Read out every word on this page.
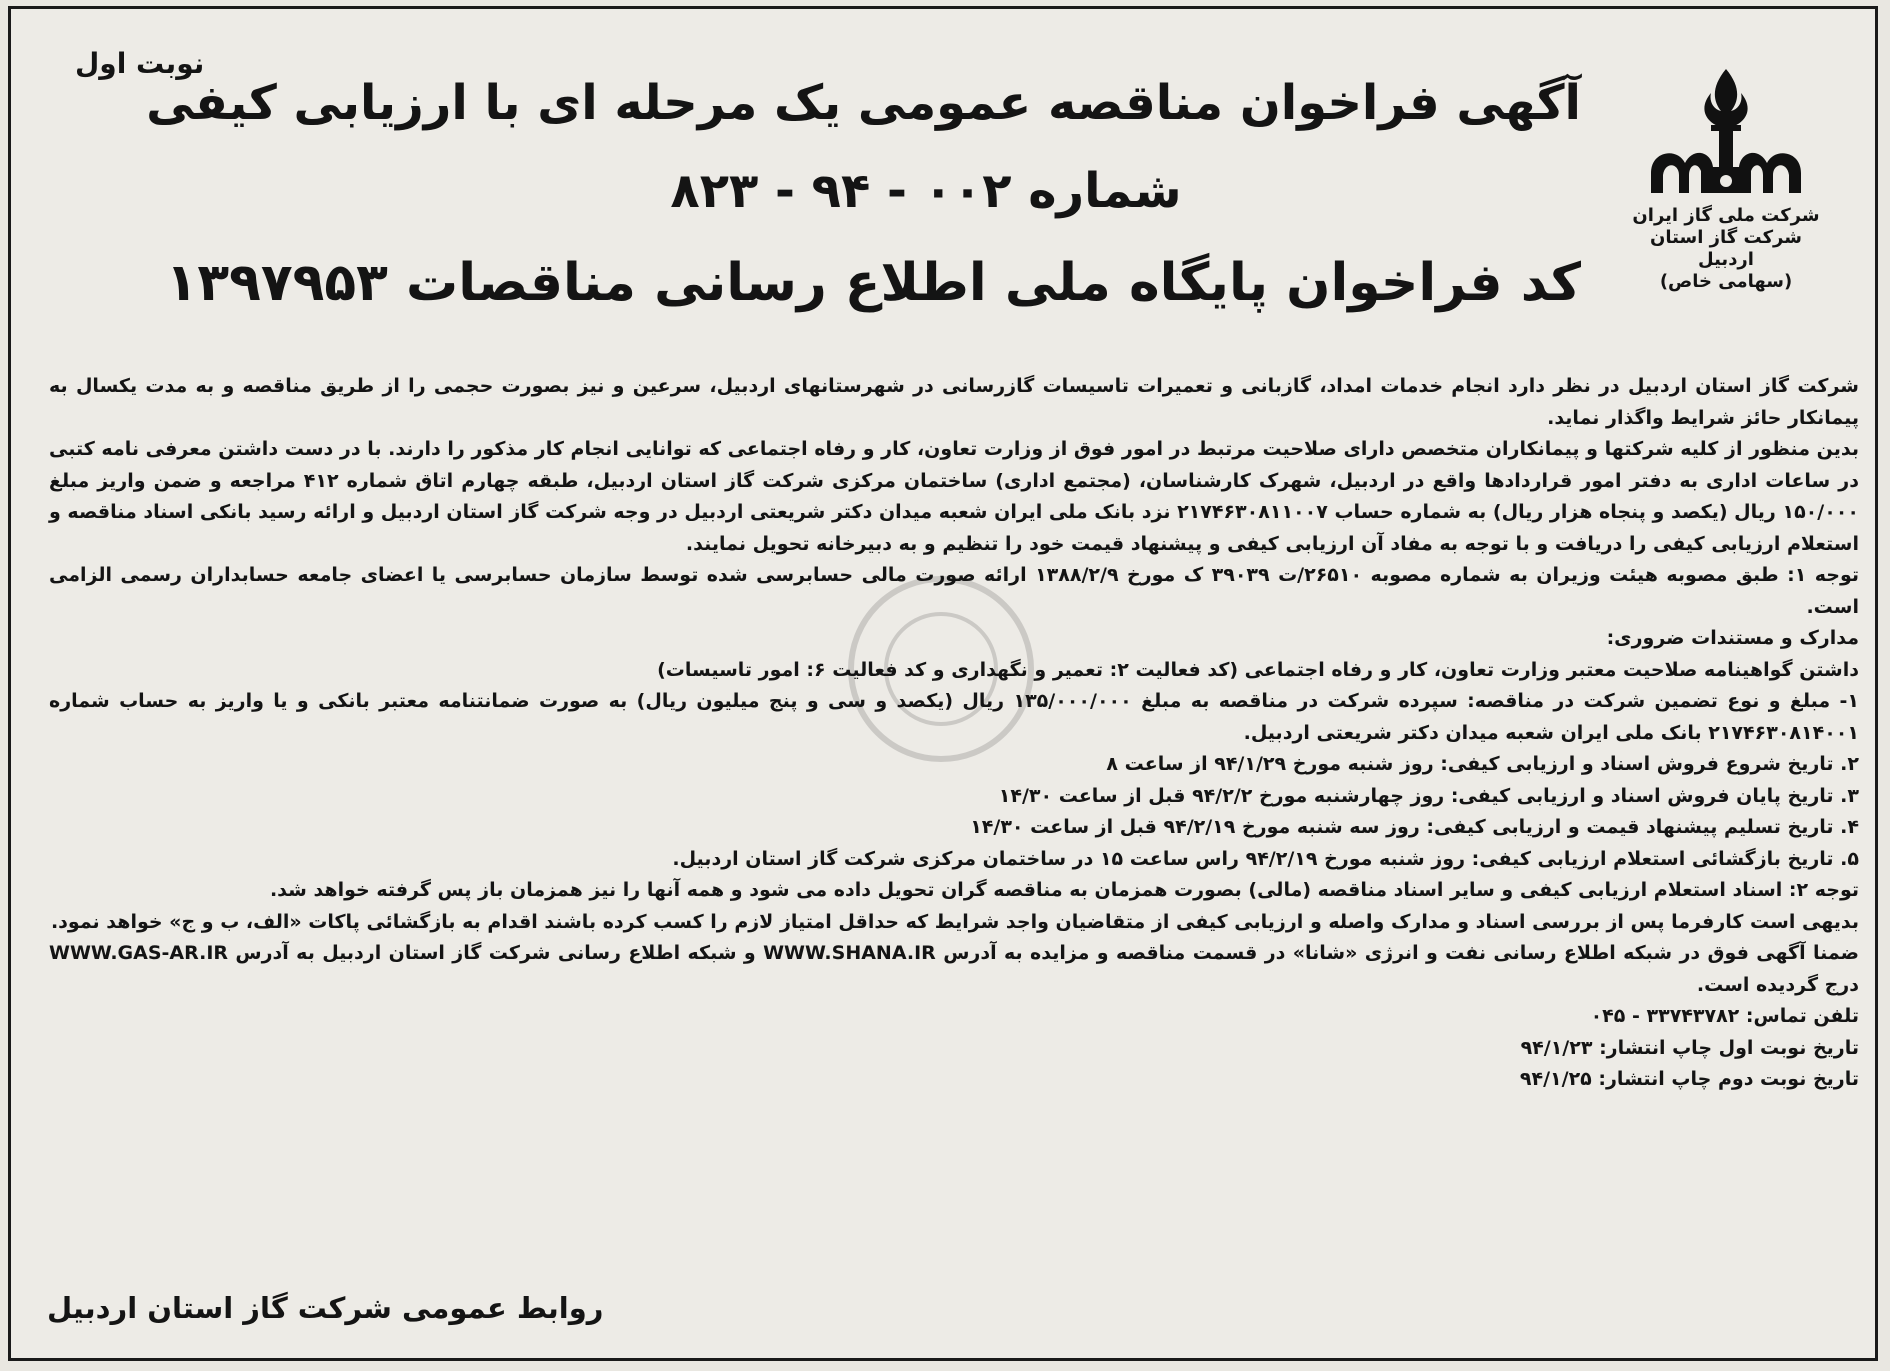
نوبت اول
شرکت ملی گاز ایران
شرکت گاز استان اردبیل
(سهامی خاص)
آگهی فراخوان مناقصه عمومی یک مرحله ای با ارزیابی کیفی
شماره ۰۰۲ - ۹۴ - ۸۲۳
کد فراخوان پایگاه ملی اطلاع رسانی مناقصات ۱۳۹۷۹۵۳

شرکت گاز استان اردبیل در نظر دارد انجام خدمات امداد، گازبانی و تعمیرات تاسیسات گازرسانی در شهرستانهای اردبیل، سرعین و نیز بصورت حجمی را از طریق مناقصه و به مدت یکسال به پیمانکار حائز شرایط واگذار نماید.

بدین منظور از کلیه شرکتها و پیمانکاران متخصص دارای صلاحیت مرتبط در امور فوق از وزارت تعاون، کار و رفاه اجتماعی که توانایی انجام کار مذکور را دارند. با در دست داشتن معرفی نامه کتبی در ساعات اداری به دفتر امور قراردادها واقع در اردبیل، شهرک کارشناسان، (مجتمع اداری) ساختمان مرکزی شرکت گاز استان اردبیل، طبقه چهارم اتاق شماره ۴۱۲ مراجعه و ضمن واریز مبلغ ۱۵۰/۰۰۰ ریال (یکصد و پنجاه هزار ریال) به شماره حساب ۲۱۷۴۶۳۰۸۱۱۰۰۷ نزد بانک ملی ایران شعبه میدان دکتر شریعتی اردبیل در وجه شرکت گاز استان اردبیل و ارائه رسید بانکی اسناد مناقصه و استعلام ارزیابی کیفی را دریافت و با توجه به مفاد آن ارزیابی کیفی و پیشنهاد قیمت خود را تنظیم و به دبیرخانه تحویل نمایند.

توجه ۱: طبق مصوبه هیئت وزیران به شماره مصوبه ۲۶۵۱۰/ت ۳۹۰۳۹ ک مورخ ۱۳۸۸/۲/۹ ارائه صورت مالی حسابرسی شده توسط سازمان حسابرسی یا اعضای جامعه حسابداران رسمی الزامی است.

مدارک و مستندات ضروری:

داشتن گواهینامه صلاحیت معتبر وزارت تعاون، کار و رفاه اجتماعی (کد فعالیت ۲: تعمیر و نگهداری و کد فعالیت ۶: امور تاسیسات)

۱- مبلغ و نوع تضمین شرکت در مناقصه: سپرده شرکت در مناقصه به مبلغ ۱۳۵/۰۰۰/۰۰۰ ریال (یکصد و سی و پنج میلیون ریال) به صورت ضمانتنامه معتبر بانکی و یا واریز به حساب شماره ۲۱۷۴۶۳۰۸۱۴۰۰۱ بانک ملی ایران شعبه میدان دکتر شریعتی اردبیل.

۲. تاریخ شروع فروش اسناد و ارزیابی کیفی: روز شنبه مورخ ۹۴/۱/۲۹ از ساعت ۸

۳. تاریخ پایان فروش اسناد و ارزیابی کیفی: روز چهارشنبه مورخ ۹۴/۲/۲ قبل از ساعت ۱۴/۳۰

۴. تاریخ تسلیم پیشنهاد قیمت و ارزیابی کیفی: روز سه شنبه مورخ ۹۴/۲/۱۹ قبل از ساعت ۱۴/۳۰

۵. تاریخ بازگشائی استعلام ارزیابی کیفی: روز شنبه مورخ ۹۴/۲/۱۹ راس ساعت ۱۵ در ساختمان مرکزی شرکت گاز استان اردبیل.

توجه ۲: اسناد استعلام ارزیابی کیفی و سایر اسناد مناقصه (مالی) بصورت همزمان به مناقصه گران تحویل داده می شود و همه آنها را نیز همزمان باز پس گرفته خواهد شد.

بدیهی است کارفرما پس از بررسی اسناد و مدارک واصله و ارزیابی کیفی از متقاضیان واجد شرایط که حداقل امتیاز لازم را کسب کرده باشند اقدام به بازگشائی پاکات «الف، ب و ج» خواهد نمود.

ضمنا آگهی فوق در شبکه اطلاع رسانی نفت و انرژی «شانا» در قسمت مناقصه و مزایده به آدرس WWW.SHANA.IR و شبکه اطلاع رسانی شرکت گاز استان اردبیل به آدرس WWW.GAS-AR.IR درج گردیده است.

تلفن تماس: ۳۳۷۴۳۷۸۲ - ۰۴۵

تاریخ نوبت اول چاپ انتشار: ۹۴/۱/۲۳

تاریخ نوبت دوم چاپ انتشار: ۹۴/۱/۲۵

روابط عمومی شرکت گاز استان اردبیل
